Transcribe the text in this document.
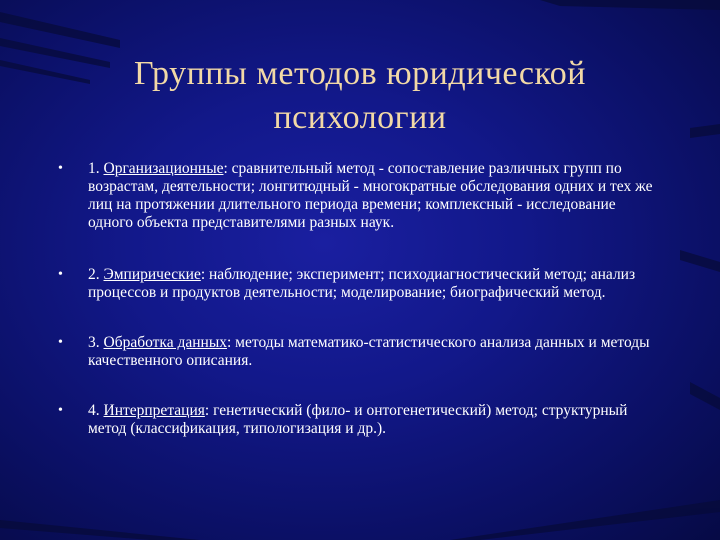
Группы методов юридической
психологии
• 1. Организационные: сравнительный метод - сопоставление различных групп по возрастам, деятельности; лонгитюдный - многократные обследования одних и тех же лиц на протяжении длительного периода времени; комплексный - исследование одного объекта представителями разных наук.
• 2. Эмпирические: наблюдение; эксперимент; психодиагностический метод; анализ процессов и продуктов деятельности; моделирование; биографический метод.
• 3. Обработка данных: методы математико-статистического анализа данных и методы качественного описания.
• 4. Интерпретация: генетический (фило- и онтогенетический) метод; структурный метод (классификация, типологизация и др.).
